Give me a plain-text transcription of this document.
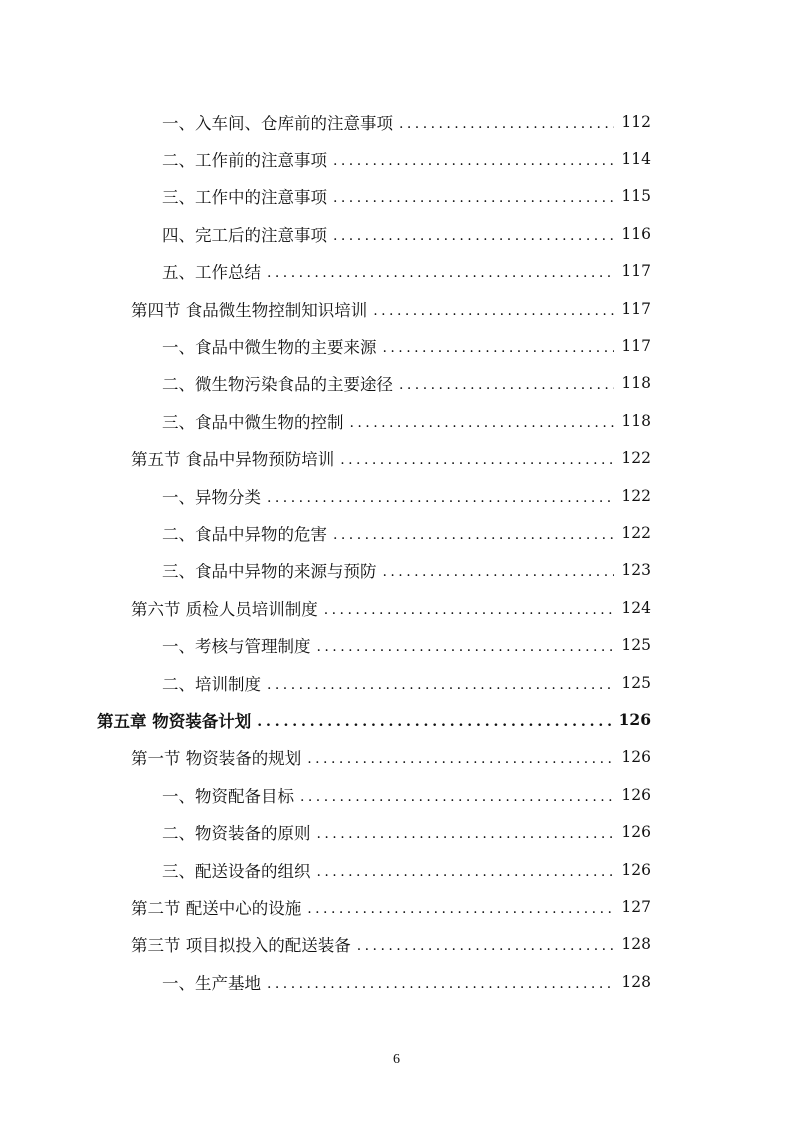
一、入车间、仓库前的注意事项 . . .	112
二、工作前的注意事项 . . .	114
三、工作中的注意事项 . . .	115
四、完工后的注意事项 . . .	116
五、工作总结 . . .	117
第四节 食品微生物控制知识培训 . . .	117
一、食品中微生物的主要来源 . . .	117
二、微生物污染食品的主要途径 . . .	118
三、食品中微生物的控制 . . .	118
第五节 食品中异物预防培训 . . .	122
一、异物分类 . . .	122
二、食品中异物的危害 . . .	122
三、食品中异物的来源与预防 . . .	123
第六节 质检人员培训制度 . . .	124
一、考核与管理制度 . . .	125
二、培训制度 . . .	125
第五章 物资装备计划 . . .	126
第一节 物资装备的规划 . . .	126
一、物资配备目标 . . .	126
二、物资装备的原则 . . .	126
三、配送设备的组织 . . .	126
第二节 配送中心的设施 . . .	127
第三节 项目拟投入的配送装备 . . .	128
一、生产基地 . . .	128
6
